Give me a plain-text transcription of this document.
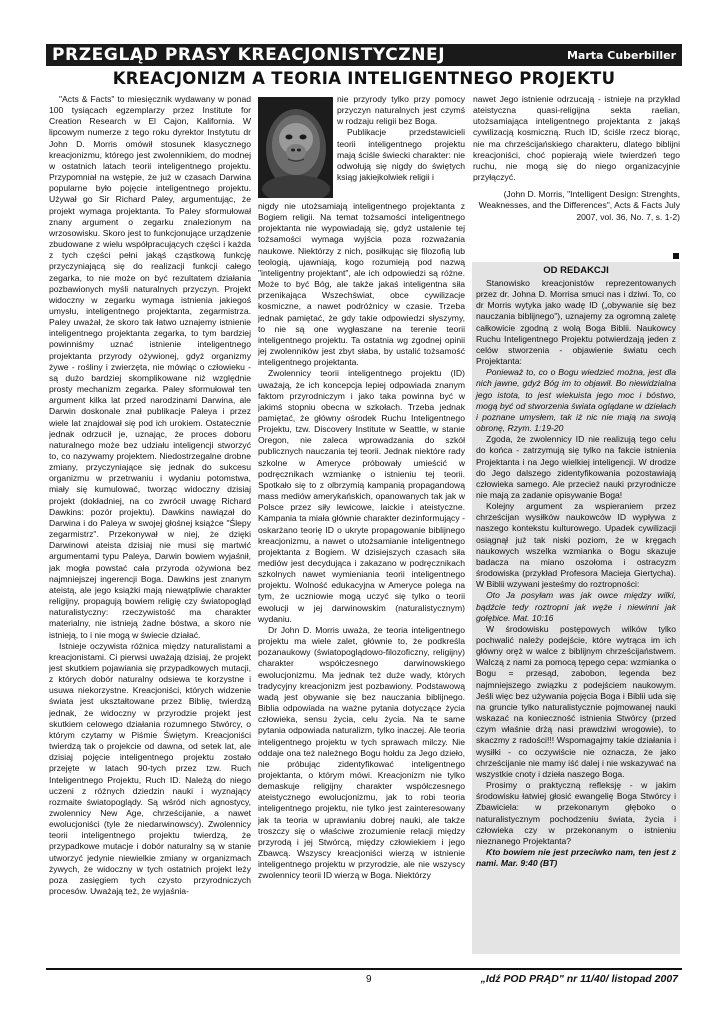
PRZEGLĄD PRASY KREACJONISTYCZNEJ	Marta Cuberbiller
KREACJONIZM A TEORIA INTELIGENTNEGO PROJEKTU

"Acts & Facts" to miesięcznik wydawany w ponad 100 tysiącach egzemplarzy przez Institute for Creation Research w El Cajon, Kalifornia. W lipcowym numerze z tego roku dyrektor Instytutu dr John D. Morris omówił stosunek klasycznego kreacjonizmu, którego jest zwolennikiem, do modnej w ostatnich latach teorii inteligentnego projektu. Przypomniał na wstępie, że już w czasach Darwina popularne było pojęcie inteligentnego projektu. Używał go Sir Richard Paley, argumentując, że projekt wymaga projektanta. To Paley sformułował znany argument o zegarku znalezionym na wrzosowisku. Skoro jest to funkcjonujące urządzenie zbudowane z wielu współpracujących części i każda z tych części pełni jakąś cząstkową funkcję przyczyniającą się do realizacji funkcji całego zegarka, to nie może on być rezultatem działania pozbawionych myśli naturalnych przyczyn. Projekt widoczny w zegarku wymaga istnienia jakiegoś umysłu, inteligentnego projektanta, zegarmistrza. Paley uważał, że skoro tak łatwo uznajemy istnienie inteligentnego projektanta zegarka, to tym bardziej powinniśmy uznać istnienie inteligentnego projektanta przyrody ożywionej, gdyż organizmy żywe - rośliny i zwierzęta, nie mówiąc o człowieku - są dużo bardziej skomplikowane niż względnie prosty mechanizm zegarka. Paley sformułował ten argument kilka lat przed narodzinami Darwina, ale Darwin doskonale znał publikacje Paleya i przez wiele lat znajdował się pod ich urokiem. Ostatecznie jednak odrzucił je, uznając, że proces doboru naturalnego może bez udziału inteligencji stworzyć to, co nazywamy projektem. Niedostrzegalne drobne zmiany, przyczyniające się jednak do sukcesu organizmu w przetrwaniu i wydaniu potomstwa, miały się kumulować, tworząc widoczny dzisiaj projekt (dokładniej, na co zwrócił uwagę Richard Dawkins: pozór projektu). Dawkins nawiązał do Darwina i do Paleya w swojej głośnej książce "Ślepy zegarmistrz". Przekonywał w niej, że dzięki Darwinowi ateista dzisiaj nie musi się martwić argumentami typu Paleya, Darwin bowiem wyjaśnił, jak mogła powstać cała przyroda ożywiona bez najmniejszej ingerencji Boga. Dawkins jest znanym ateistą, ale jego książki mają niewątpliwie charakter religijny, propagują bowiem religię czy światopogląd naturalistyczny: rzeczywistość ma charakter materialny, nie istnieją żadne bóstwa, a skoro nie istnieją, to i nie mogą w świecie działać.

Istnieje oczywista różnica między naturalistami a kreacjonistami. Ci pierwsi uważają dzisiaj, że projekt jest skutkiem pojawiania się przypadkowych mutacji, z których dobór naturalny odsiewa te korzystne i usuwa niekorzystne. Kreacjoniści, których widzenie świata jest ukształtowane przez Biblię, twierdzą jednak, że widoczny w przyrodzie projekt jest skutkiem celowego działania rozumnego Stwórcy, o którym czytamy w Piśmie Świętym. Kreacjoniści twierdzą tak o projekcie od dawna, od setek lat, ale dzisiaj pojęcie inteligentnego projektu zostało przejęte w latach 90-tych przez tzw. Ruch Inteligentnego Projektu, Ruch ID. Należą do niego uczeni z różnych dziedzin nauki i wyznający rozmaite światopoglądy. Są wśród nich agnostycy, zwolennicy New Age, chrześcijanie, a nawet ewolucjoniści (tyle że niedarwinowscy). Zwolennicy teorii inteligentnego projektu twierdzą, że przypadkowe mutacje i dobór naturalny są w stanie utworzyć jedynie niewielkie zmiany w organizmach żywych, że widoczny w tych ostatnich projekt leży poza zasięgiem tych czysto przyrodniczych procesów. Uważają też, że wyjaśnia-

nie przyrody tylko przy pomocy przyczyn naturalnych jest czymś w rodzaju religii bez Boga.

Publikacje przedstawicieli teorii inteligentnego projektu mają ściśle świecki charakter: nie odwołują się nigdy do świętych ksiąg jakiejkolwiek religii i

nigdy nie utożsamiają inteligentnego projektanta z Bogiem religii. Na temat tożsamości inteligentnego projektanta nie wypowiadają się, gdyż ustalenie tej tożsamości wymaga wyjścia poza rozważania naukowe. Niektórzy z nich, posiłkując się filozofią lub teologią, ujawniają, kogo rozumieją pod nazwą "inteligentny projektant", ale ich odpowiedzi są różne. Może to być Bóg, ale także jakaś inteligentna siła przenikająca Wszechświat, obce cywilizacje kosmiczne, a nawet podróżnicy w czasie. Trzeba jednak pamiętać, że gdy takie odpowiedzi słyszymy, to nie są one wygłaszane na terenie teorii inteligentnego projektu. Ta ostatnia wg zgodnej opinii jej zwolenników jest zbyt słaba, by ustalić tożsamość inteligentnego projektanta.

Zwolennicy teorii inteligentnego projektu (ID) uważają, że ich koncepcja lepiej odpowiada znanym faktom przyrodniczym i jako taka powinna być w jakimś stopniu obecna w szkołach. Trzeba jednak pamiętać, że główny ośrodek Ruchu Inteligentnego Projektu, tzw. Discovery Institute w Seattle, w stanie Oregon, nie zaleca wprowadzania do szkół publicznych nauczania tej teorii. Jednak niektóre rady szkolne w Ameryce próbowały umieścić w podręcznikach wzmiankę o istnieniu tej teorii. Spotkało się to z olbrzymią kampanią propagandową mass mediów amerykańskich, opanowanych tak jak w Polsce przez siły lewicowe, laickie i ateistyczne. Kampania ta miała głównie charakter dezinformujący - oskarżano teorię ID o ukryte propagowanie biblijnego kreacjonizmu, a nawet o utożsamianie inteligentnego projektanta z Bogiem. W dzisiejszych czasach siła mediów jest decydująca i zakazano w podręcznikach szkolnych nawet wymieniania teorii inteligentnego projektu. Wolność edukacyjna w Ameryce polega na tym, że uczniowie mogą uczyć się tylko o teorii ewolucji w jej darwinowskim (naturalistycznym) wydaniu.

Dr John D. Morris uważa, że teoria inteligentnego projektu ma wiele zalet, głównie to, że podkreśla pozanaukowy (światopoglądowo-filozoficzny, religijny) charakter współczesnego darwinowskiego ewolucjonizmu. Ma jednak też duże wady, których tradycyjny kreacjonizm jest pozbawiony. Podstawową wadą jest obywanie się bez nauczania biblijnego. Biblia odpowiada na ważne pytania dotyczące życia człowieka, sensu życia, celu życia. Na te same pytania odpowiada naturalizm, tylko inaczej. Ale teoria inteligentnego projektu w tych sprawach milczy. Nie oddaje ona też należnego Bogu hołdu za Jego dzieło, nie próbując zidentyfikować inteligentnego projektanta, o którym mówi. Kreacjonizm nie tylko demaskuje religijny charakter współczesnego ateistycznego ewolucjonizmu, jak to robi teoria inteligentnego projektu, nie tylko jest zainteresowany jak ta teoria w uprawianiu dobrej nauki, ale także troszczy się o właściwe zrozumienie relacji między przyrodą i jej Stwórcą, między człowiekiem i jego Zbawcą. Wszyscy kreacjoniści wierzą w istnienie inteligentnego projektu w przyrodzie, ale nie wszyscy zwolennicy teorii ID wierzą w Boga. Niektórzy

nawet Jego istnienie odrzucają - istnieje na przykład ateistyczna quasi-religijna sekta raelian, utożsamiająca inteligentnego projektanta z jakąś cywilizacją kosmiczną. Ruch ID, ściśle rzecz biorąc, nie ma chrześcijańskiego charakteru, dlatego biblijni kreacjoniści, choć popierają wiele twierdzeń tego ruchu, nie mogą się do niego organizacyjnie przyłączyć.

(John D. Morris, "Intelligent Design: Strenghts, Weaknesses, and the Differences", Acts & Facts July 2007, vol. 36, No. 7, s. 1-2)

OD REDAKCJI

Stanowisko kreacjonistów reprezentowanych przez dr. Johna D. Morrisa smuci nas i dziwi. To, co dr Morris wytyka jako wadę ID („obywanie się bez nauczania biblijnego"), uznajemy za ogromną zaletę całkowicie zgodną z wolą Boga Biblii. Nauk​owcy Ruchu Inteligentnego Projektu potwierdzają jeden z celów stworzenia - objawienie światu cech Projektanta:

Ponieważ to, co o Bogu wiedzieć można, jest dla nich jawne, gdyż Bóg im to objawił. Bo niewidzialna jego istota, to jest wiekuista jego moc i bóstwo, mogą być od stworzenia świata oglądane w dziełach i poznane umysłem, tak iż nic nie mają na swoją obronę, Rzym. 1:19-20

Zgoda, że zwolennicy ID nie realizują tego celu do końca - zatrzymują się tylko na fakcie istnienia Projektanta i na Jego wielkiej inteligencji. W drodze do Jego dalszego zidentyfikowania pozostawiają człowieka samego. Ale przecież nauki przyrodnicze nie mają za zadanie opisywanie Boga!

Kolejny argument za wspieraniem przez chrześcijan wysiłków naukowców ID wypływa z naszego kontekstu kulturowego. Upadek cywilizacji osiągnął już tak niski poziom, że w kręgach naukowych wszelka wzmianka o Bogu skazuje badacza na miano oszołoma i ostracyzm środowiska (przykład Profesora Macieja Giertycha). W Biblii wzywani jesteśmy do roztropności:

Oto Ja posyłam was jak owce między wilki, bądźcie tedy roztropni jak węże i niewinni jak gołębice. Mat. 10:16

W środowisku postępowych wilków tylko pochwalić należy podejście, które wytrąca im ich główny oręż w walce z biblijnym chrześcijaństwem. Walczą z nami za pomocą tępego cepa: wzmianka o Bogu = przesąd, zabobon, legenda bez najmniejszego związku z podejściem naukowym. Jeśli więc bez używania pojęcia Boga i Biblii uda się na gruncie tylko naturalistycznie pojmowanej nauki wskazać na konieczność istnienia Stwórcy (przed czym właśnie drżą nasi prawdziwi wrogowie), to skaczmy z radości!!! Wspomagajmy takie działania i wysiłki - co oczywiście nie oznacza, że jako chrześcijanie nie mamy iść dalej i nie wskazywać na wszystkie cnoty i dzieła naszego Boga.

Prosimy o praktyczną refleksję - w jakim środowisku łatwiej głosić ewangelię Boga Stwórcy i Zbawiciela: w przekonanym głęboko o naturalistycznym pochodzeniu świata, życia i człowieka czy w przekonanym o istnieniu nieznanego Projektanta?

Kto bowiem nie jest przeciwko nam, ten jest z nami. Mar. 9:40 (BT)

9	„Idź POD PRĄD" nr 11/40/ listopad 2007
